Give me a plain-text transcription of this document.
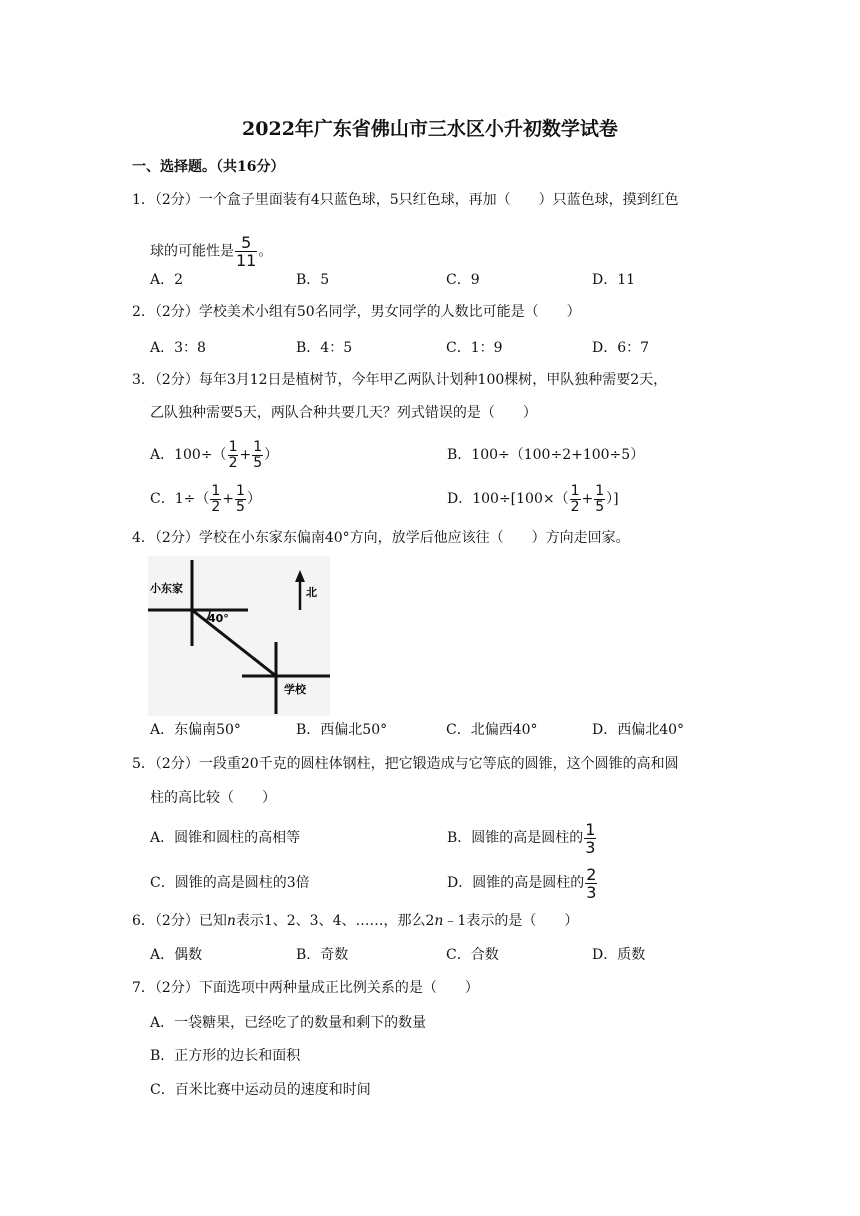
2022年广东省佛山市三水区小升初数学试卷
一、选择题。（共16分）
1．（2分）一个盒子里面装有4只蓝色球，5只红色球，再加（　　）只蓝色球，摸到红色
球的可能性是 $\frac{5}{11}$ 。
A．2	B．5	C．9	D．11
2．（2分）学校美术小组有50名同学，男女同学的人数比可能是（　　）
A．3：8	B．4：5	C．1：9	D．6：7
3．（2分）每年3月12日是植树节，今年甲乙两队计划种100棵树，甲队独种需要2天，
乙队独种需要5天，两队合种共要几天？列式错误的是（　　）
A．$100\div( \frac{1}{2} + \frac{1}{5}$ ）	B．100÷（100÷2+100÷5）
C．$1\div( \frac{1}{2} + \frac{1}{5}$ ）	D．$100\div[100\times( \frac{1}{2} + \frac{1}{5}$ ）]
4．（2分）学校在小东家东偏南40°方向，放学后他应该往（　　）方向走回家。
小东家
40°
北
学校
A．东偏南50°	B．西偏北50°	C．北偏西40°	D．西偏北40°
5．（2分）一段重20千克的圆柱体钢柱，把它锻造成与它等底的圆锥，这个圆锥的高和圆
柱的高比较（　　）
A．圆锥和圆柱的高相等	B．圆锥的高是圆柱的 $\frac{1}{3}$
C．圆锥的高是圆柱的3倍	D．圆锥的高是圆柱的 $\frac{2}{3}$
6．（2分）已知n表示1、2、3、4、……，那么2n﹣1表示的是（　　）
A．偶数	B．奇数	C．合数	D．质数
7．（2分）下面选项中两种量成正比例关系的是（　　）
A．一袋糖果，已经吃了的数量和剩下的数量
B．正方形的边长和面积
C．百米比赛中运动员的速度和时间
